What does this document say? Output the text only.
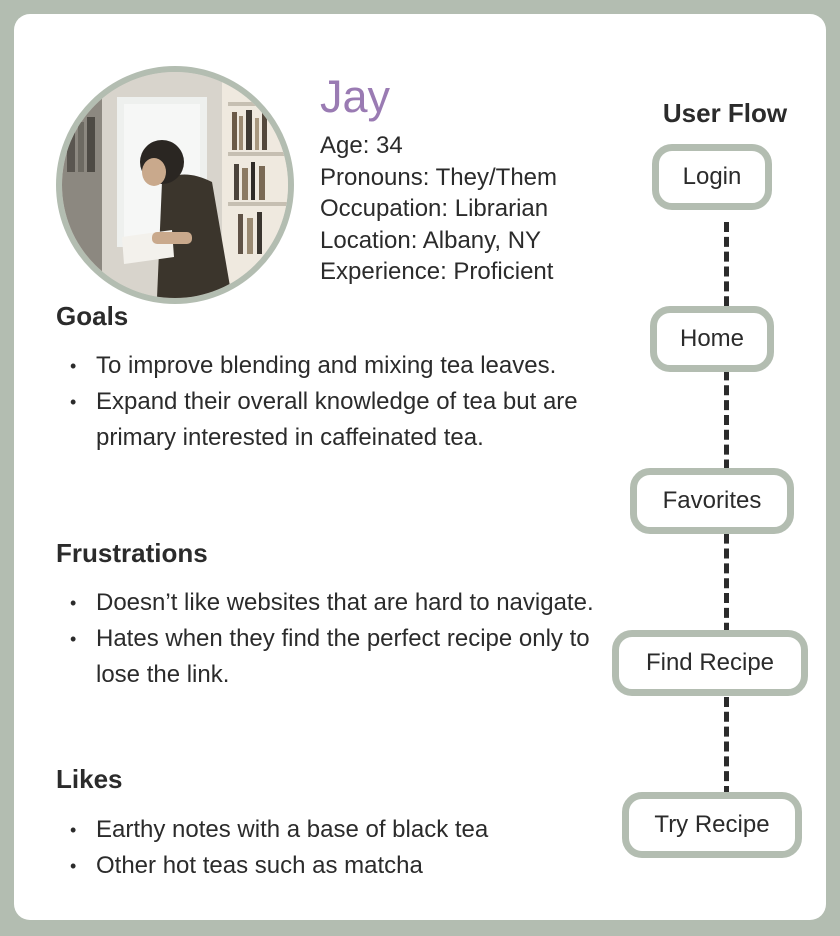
Jay
Age: 34
Pronouns: They/Them
Occupation: Librarian
Location: Albany, NY
Experience: Proficient
Goals
• To improve blending and mixing tea leaves.
• Expand their overall knowledge of tea but are primary interested in caffeinated tea.
Frustrations
• Doesn’t like websites that are hard to navigate.
• Hates when they find the perfect recipe only to lose the link.
Likes
• Earthy notes with a base of black tea
• Other hot teas such as matcha
User Flow
Login
Home
Favorites
Find Recipe
Try Recipe
